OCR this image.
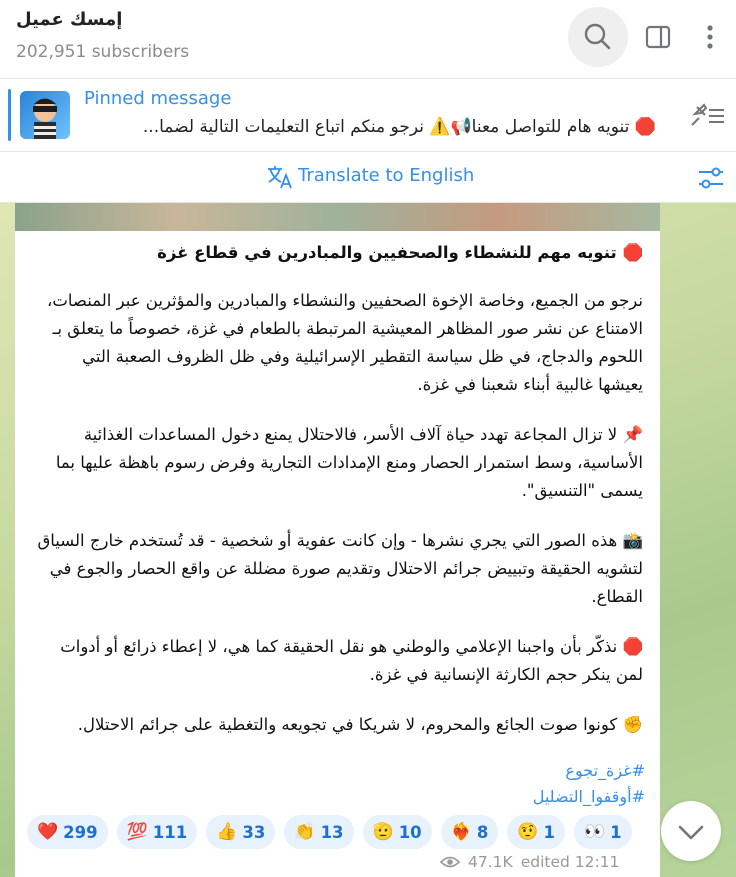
إمسك عميل
202,951 subscribers
Pinned message
🛑 تنويه هام للتواصل معنا📢⚠️ نرجو منكم اتباع التعليمات التالية لضما...
Translate to English

🛑 تنويه مهم للنشطاء والصحفيين والمبادرين في قطاع غزة

نرجو من الجميع، وخاصة الإخوة الصحفيين والنشطاء والمبادرين والمؤثرين عبر المنصات، الامتناع عن نشر صور المظاهر المعيشية المرتبطة بالطعام في غزة، خصوصاً ما يتعلق بـ اللحوم والدجاج، في ظل سياسة التقطير الإسرائيلية وفي ظل الظروف الصعبة التي يعيشها غالبية أبناء شعبنا في غزة.

📌 لا تزال المجاعة تهدد حياة آلاف الأسر، فالاحتلال يمنع دخول المساعدات الغذائية الأساسية، وسط استمرار الحصار ومنع الإمدادات التجارية وفرض رسوم باهظة عليها بما يسمى "التنسيق".

📸 هذه الصور التي يجري نشرها - وإن كانت عفوية أو شخصية - قد تُستخدم خارج السياق لتشويه الحقيقة وتبييض جرائم الاحتلال وتقديم صورة مضللة عن واقع الحصار والجوع في القطاع.

🛑 نذكّر بأن واجبنا الإعلامي والوطني هو نقل الحقيقة كما هي، لا إعطاء ذرائع أو أدوات لمن ينكر حجم الكارثة الإنسانية في غزة.

✊ كونوا صوت الجائع والمحروم، لا شريكا في تجويعه والتغطية على جرائم الاحتلال.

#غزة_تجوع
#أوقفوا_التضليل
❤️ 299 💯 111 👍 33 👏 13 🫡 10 ❤️‍🔥 8 🤨 1 👀 1
47.1K edited 12:11
